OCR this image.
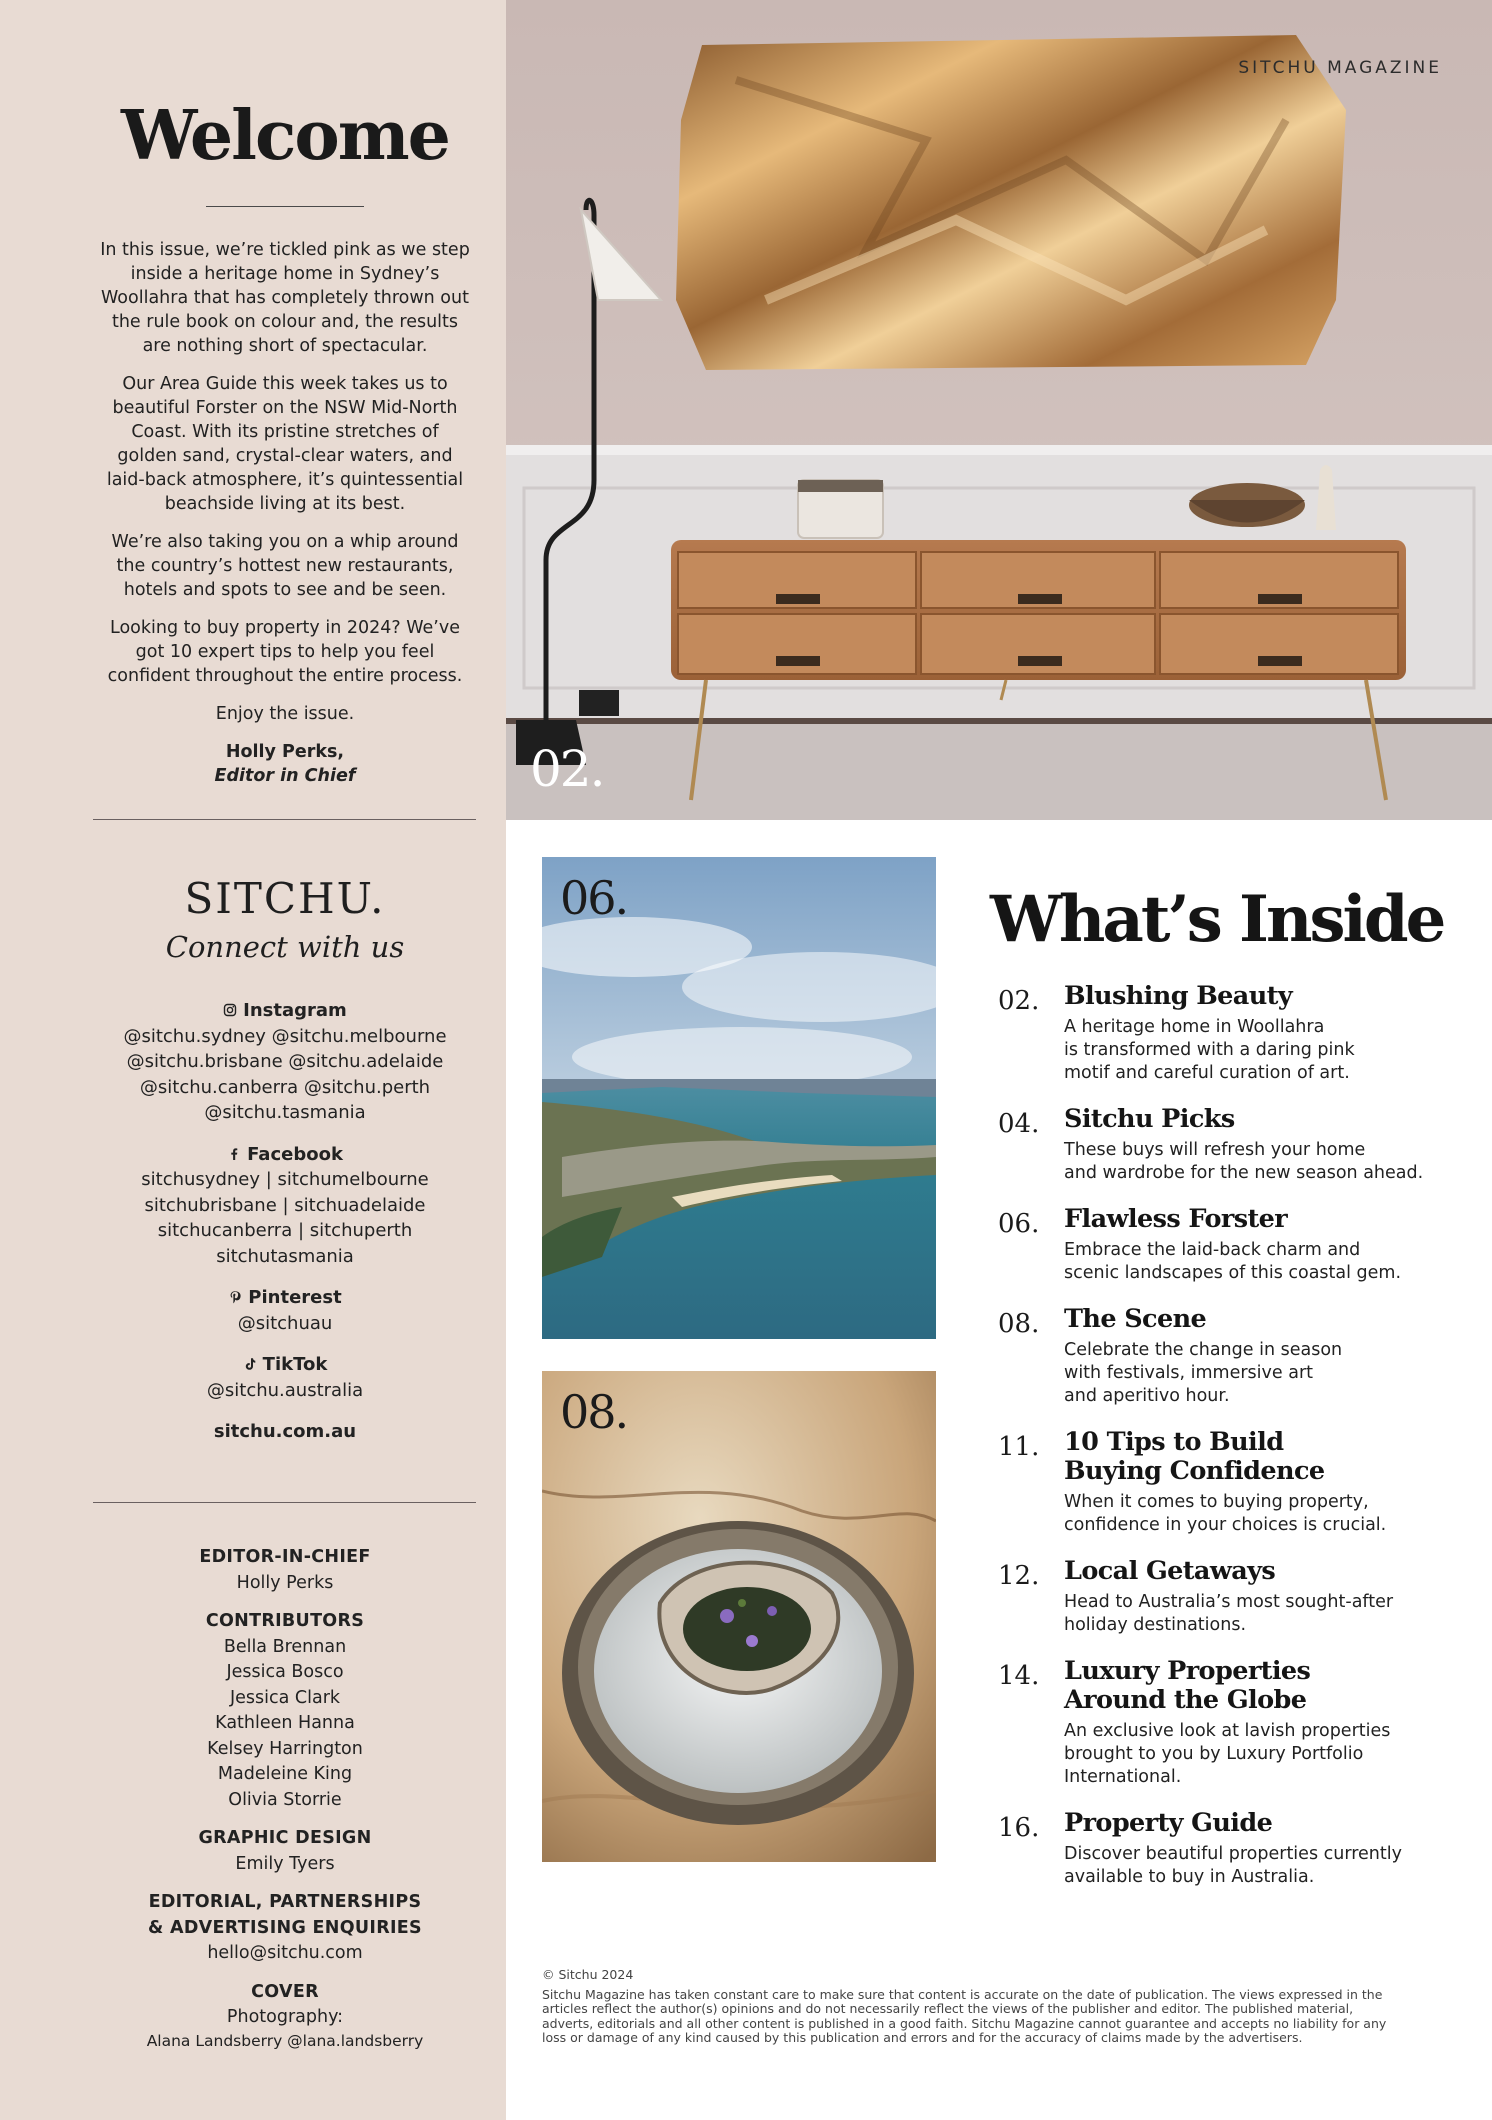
Welcome

In this issue, we’re tickled pink as we step inside a heritage home in Sydney’s Woollahra that has completely thrown out the rule book on colour and, the results are nothing short of spectacular.

Our Area Guide this week takes us to beautiful Forster on the NSW Mid-North Coast. With its pristine stretches of golden sand, crystal-clear waters, and laid-back atmosphere, it’s quintessential beachside living at its best.

We’re also taking you on a whip around the country’s hottest new restaurants, hotels and spots to see and be seen.

Looking to buy property in 2024? We’ve got 10 expert tips to help you feel confident throughout the entire process.

Enjoy the issue.

Holly Perks,
Editor in Chief
SITCHU.
Connect with us
Instagram
@sitchu.sydney @sitchu.melbourne @sitchu.brisbane @sitchu.adelaide @sitchu.canberra @sitchu.perth @sitchu.tasmania
Facebook
sitchusydney | sitchumelbourne sitchubrisbane | sitchuadelaide sitchucanberra | sitchuperth sitchutasmania
Pinterest
@sitchuau
TikTok
@sitchu.australia
sitchu.com.au
EDITOR-IN-CHIEF
Holly Perks
CONTRIBUTORS
Bella Brennan
Jessica Bosco
Jessica Clark
Kathleen Hanna
Kelsey Harrington
Madeleine King
Olivia Storrie
GRAPHIC DESIGN
Emily Tyers
EDITORIAL, PARTNERSHIPS
& ADVERTISING ENQUIRIES
hello@sitchu.com
COVER
Photography:
Alana Landsberry @lana.landsberry
SITCHU MAGAZINE
02.
06.
08.
What’s Inside
02. Blushing Beauty
A heritage home in Woollahra
is transformed with a daring pink
motif and careful curation of art.
04. Sitchu Picks
These buys will refresh your home
and wardrobe for the new season ahead.
06. Flawless Forster
Embrace the laid-back charm and
scenic landscapes of this coastal gem.
08. The Scene
Celebrate the change in season
with festivals, immersive art
and aperitivo hour.
11. 10 Tips to Build
Buying Confidence
When it comes to buying property,
confidence in your choices is crucial.
12. Local Getaways
Head to Australia’s most sought-after
holiday destinations.
14. Luxury Properties
Around the Globe
An exclusive look at lavish properties
brought to you by Luxury Portfolio
International.
16. Property Guide
Discover beautiful properties currently
available to buy in Australia.
© Sitchu 2024
Sitchu Magazine has taken constant care to make sure that content is accurate on the date of publication. The views expressed in the articles reflect the author(s) opinions and do not necessarily reflect the views of the publisher and editor. The published material, adverts, editorials and all other content is published in a good faith. Sitchu Magazine cannot guarantee and accepts no liability for any loss or damage of any kind caused by this publication and errors and for the accuracy of claims made by the advertisers.
